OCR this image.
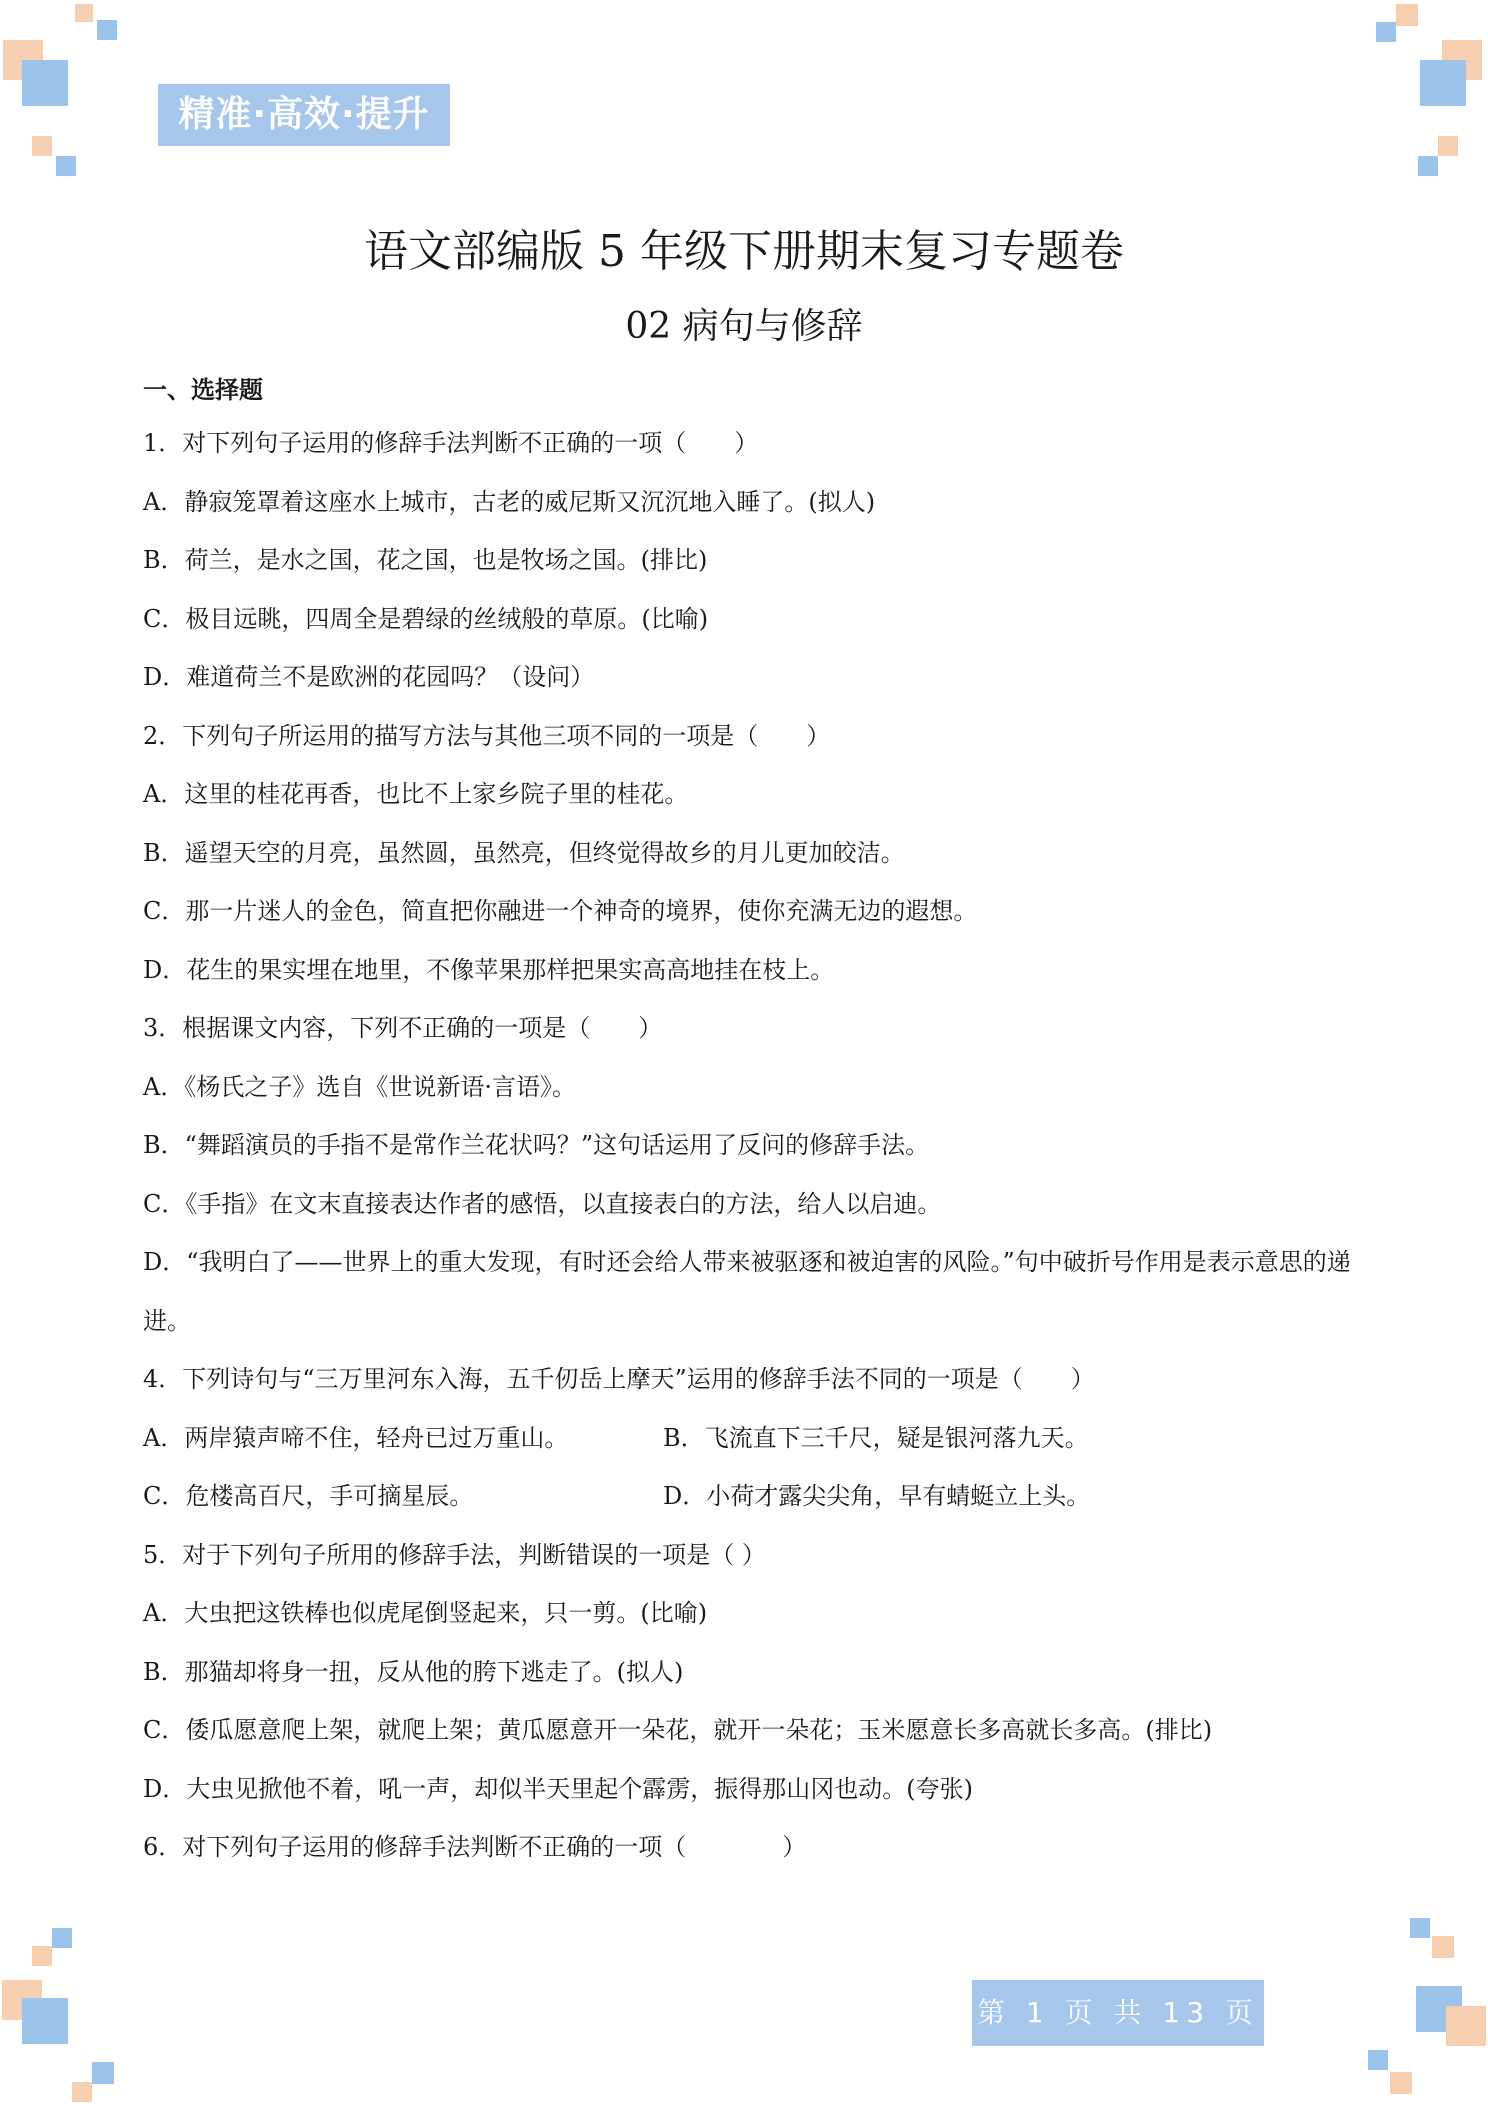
精准·高效·提升
语文部编版 5 年级下册期末复习专题卷
02 病句与修辞
一、选择题
1．对下列句子运用的修辞手法判断不正确的一项（　　）
A．静寂笼罩着这座水上城市，古老的威尼斯又沉沉地入睡了。(拟人)
B．荷兰，是水之国，花之国，也是牧场之国。(排比)
C．极目远眺，四周全是碧绿的丝绒般的草原。(比喻)
D．难道荷兰不是欧洲的花园吗？（设问）
2．下列句子所运用的描写方法与其他三项不同的一项是（　　）
A．这里的桂花再香，也比不上家乡院子里的桂花。
B．遥望天空的月亮，虽然圆，虽然亮，但终觉得故乡的月儿更加皎洁。
C．那一片迷人的金色，简直把你融进一个神奇的境界，使你充满无边的遐想。
D．花生的果实埋在地里，不像苹果那样把果实高高地挂在枝上。
3．根据课文内容，下列不正确的一项是（　　）
A．《杨氏之子》选自《世说新语·言语》。
B．“舞蹈演员的手指不是常作兰花状吗？”这句话运用了反问的修辞手法。
C．《手指》在文末直接表达作者的感悟，以直接表白的方法，给人以启迪。
D．“我明白了——世界上的重大发现，有时还会给人带来被驱逐和被迫害的风险。”句中破折号作用是表示意思的递进。
4．下列诗句与“三万里河东入海，五千仞岳上摩天”运用的修辞手法不同的一项是（　　）
A．两岸猿声啼不住，轻舟已过万重山。	B．飞流直下三千尺，疑是银河落九天。
C．危楼高百尺，手可摘星辰。	D．小荷才露尖尖角，早有蜻蜓立上头。
5．对于下列句子所用的修辞手法，判断错误的一项是（ ）
A．大虫把这铁棒也似虎尾倒竖起来，只一剪。(比喻)
B．那猫却将身一扭，反从他的胯下逃走了。(拟人)
C．倭瓜愿意爬上架，就爬上架；黄瓜愿意开一朵花，就开一朵花；玉米愿意长多高就长多高。(排比)
D．大虫见掀他不着，吼一声，却似半天里起个霹雳，振得那山冈也动。(夸张)
6．对下列句子运用的修辞手法判断不正确的一项（　　　　）
第 1 页 共 13 页
